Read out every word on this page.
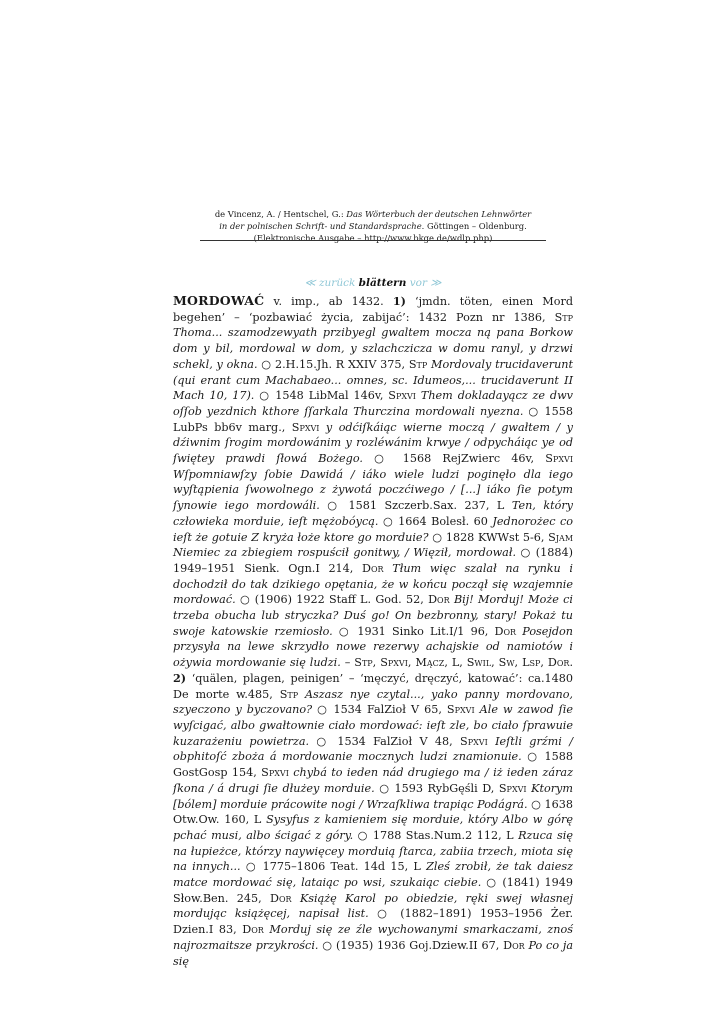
de Vincenz, A. / Hentschel, G.: Das Wörterbuch der deutschen Lehnwörter
in der polnischen Schrift- und Standardsprache. Göttingen – Oldenburg.
(Elektronische Ausgabe – http://www.bkge.de/wdlp.php)
≪ zurück blättern vor ≫
MORDOWAĆ v. imp., ab 1432. 1) ‘jmdn. töten, einen Mord begehen’ – ‘pozbawiać życia, zabijać’: 1432 Pozn nr 1386, Stp Thoma... szamodzewyath przibyegl gwaltem mocza ną pana Borkow dom y bil, mordowal w dom, y szlachczicza w domu ranyl, y drzwi schekl, y okna. ○ 2.H.15.Jh. R XXIV 375, Stp Mordovaly trucidaverunt (qui erant cum Machabaeo... omnes, sc. Idumeos,... trucidaverunt II Mach 10, 17). ○ 1548 LibMal 146v, Spxvi Them dokladayącz ze dwv oſſob yezdnich kthore ſſarkala Thurczina mordowali nyezna. ○ 1558 LubPs bb6v marg., Spxvi y odćiſkáiąc wierne moczą / gwałtem / y dźiwnim ſrogim mordowánim y rozléwánim krwye / odpycháiąc ye od ſwiętey prawdi ſłowá Bożego. ○ 1568 RejZwierc 46v, Spxvi Wſpomniawſzy ſobie Dawidá / iáko wiele ludzi poginęło dla iego wyſtąpienia ſwowolnego z żywotá poczćiwego / [...] iáko ſie potym ſynowie iego mordowáli. ○ 1581 Szczerb.Sax. 237, L Ten, który człowieka morduie, ieſt mężobóycą. ○ 1664 Bolesł. 60 Jednorożec co ieſt że gotuie Z kryża łoże ktore go morduie? ○ 1828 KWWst 5-6, Sjam Niemiec za zbiegiem rospuścił gonitwy, / Więził, mordował. ○ (1884) 1949–1951 Sienk. Ogn.I 214, Dor Tłum więc szalał na rynku i dochodził do tak dzikiego opętania, że w końcu począł się wzajemnie mordować. ○ (1906) 1922 Staff L. God. 52, Dor Bij! Morduj! Może ci trzeba obucha lub stryczka? Duś go! On bezbronny, stary! Pokaż tu swoje katowskie rzemiosło. ○ 1931 Sinko Lit.I/1 96, Dor Posejdon przysyła na lewe skrzydło nowe rezerwy achajskie od namiotów i ożywia mordowanie się ludzi. – Stp, Spxvi, Mącz, L, Swil, Sw, Lsp, Dor. 2) ‘quälen, plagen, peinigen’ – ‘męczyć, dręczyć, katować’: ca.1480 De morte w.485, Stp Aszasz nye czytal..., yako panny mordovano, szyeczono y byczovano? ○ 1534 FalZioł V 65, Spxvi Ale w zawod ſie wyſcigać, albo gwałtownie ciało mordować: ieſt zle, bo ciało ſprawuie kuzarażeniu powietrza. ○ 1534 FalZioł V 48, Spxvi Ieſtli grźmi / obphitoſć zboża á mordowanie mocznych ludzi znamionuie. ○ 1588 GostGosp 154, Spxvi chybá to ieden nád drugiego ma / iż ieden záraz ſkona / á drugi ſie dłużey morduie. ○ 1593 RybGęśli D, Spxvi Ktorym [bólem] morduie prácowite nogi / Wrzaſkliwa trapiąc Podágrá. ○ 1638 Otw.Ow. 160, L Sysyfus z kamieniem się morduie, który Albo w górę pchać musi, albo ścigać z góry. ○ 1788 Stas.Num.2 112, L Rzuca się na łupieżce, którzy naywięcey morduią ſtarca, zabiia trzech, miota się na innych... ○ 1775–1806 Teat. 14d 15, L Zleś zrobił, że tak daiesz matce mordować się, lataiąc po wsi, szukaiąc ciebie. ○ (1841) 1949 Słow.Ben. 245, Dor Książę Karol po obiedzie, ręki swej własnej mordując książęcej, napisał list. ○ (1882–1891) 1953–1956 Żer. Dzien.I 83, Dor Morduj się ze źle wychowanymi smarkaczami, znoś najrozmaitsze przykrości. ○ (1935) 1936 Goj.Dziew.II 67, Dor Po co ja się
